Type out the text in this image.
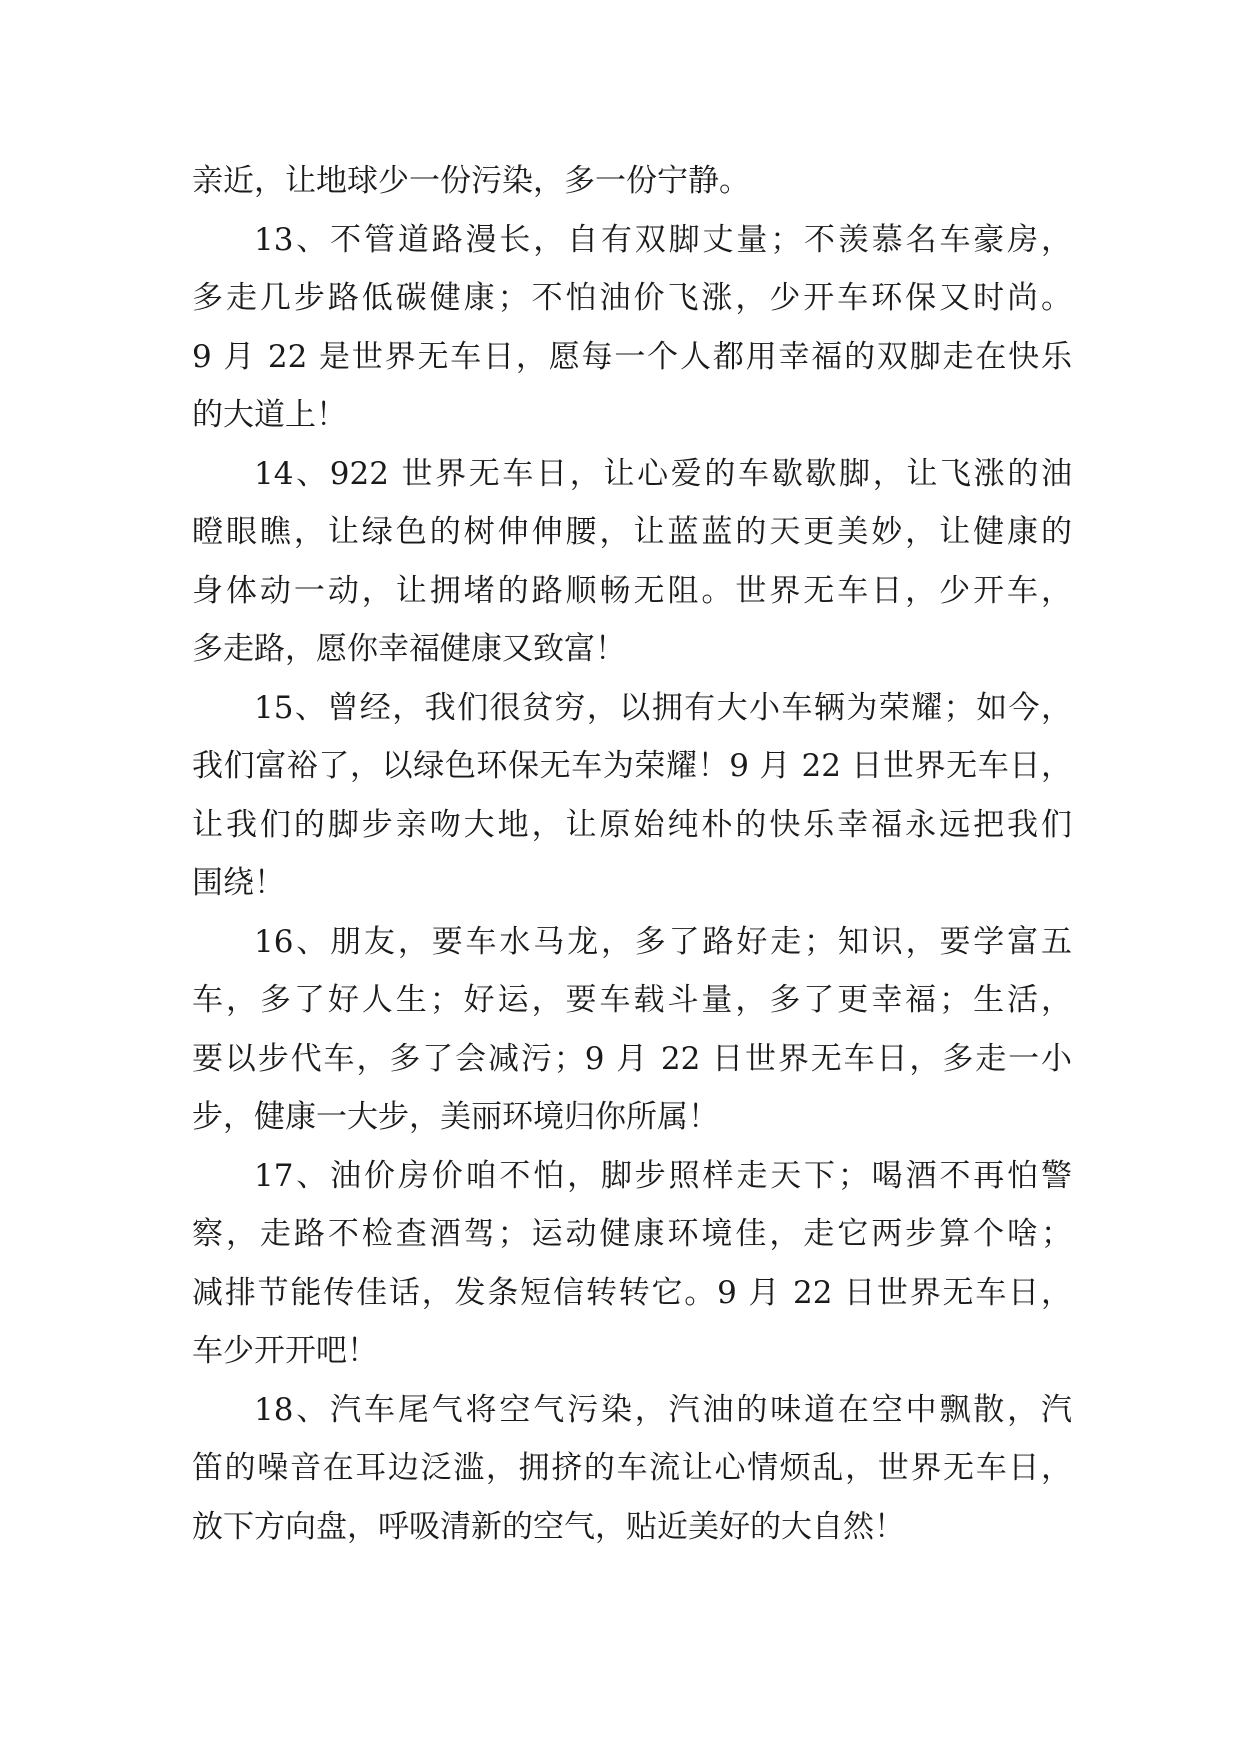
亲近，让地球少一份污染，多一份宁静。
13、不管道路漫长，自有双脚丈量；不羡慕名车豪房，
多走几步路低碳健康；不怕油价飞涨，少开车环保又时尚。
9 月 22 是世界无车日，愿每一个人都用幸福的双脚走在快乐
的大道上！
14、922 世界无车日，让心爱的车歇歇脚，让飞涨的油
瞪眼瞧，让绿色的树伸伸腰，让蓝蓝的天更美妙，让健康的
身体动一动，让拥堵的路顺畅无阻。世界无车日，少开车，
多走路，愿你幸福健康又致富！
15、曾经，我们很贫穷，以拥有大小车辆为荣耀；如今，
我们富裕了，以绿色环保无车为荣耀！9 月 22 日世界无车日，
让我们的脚步亲吻大地，让原始纯朴的快乐幸福永远把我们
围绕！
16、朋友，要车水马龙，多了路好走；知识，要学富五
车，多了好人生；好运，要车载斗量，多了更幸福；生活，
要以步代车，多了会减污；9 月 22 日世界无车日，多走一小
步，健康一大步，美丽环境归你所属！
17、油价房价咱不怕，脚步照样走天下；喝酒不再怕警
察，走路不检查酒驾；运动健康环境佳，走它两步算个啥；
减排节能传佳话，发条短信转转它。9 月 22 日世界无车日，
车少开开吧！
18、汽车尾气将空气污染，汽油的味道在空中飘散，汽
笛的噪音在耳边泛滥，拥挤的车流让心情烦乱，世界无车日，
放下方向盘，呼吸清新的空气，贴近美好的大自然！
